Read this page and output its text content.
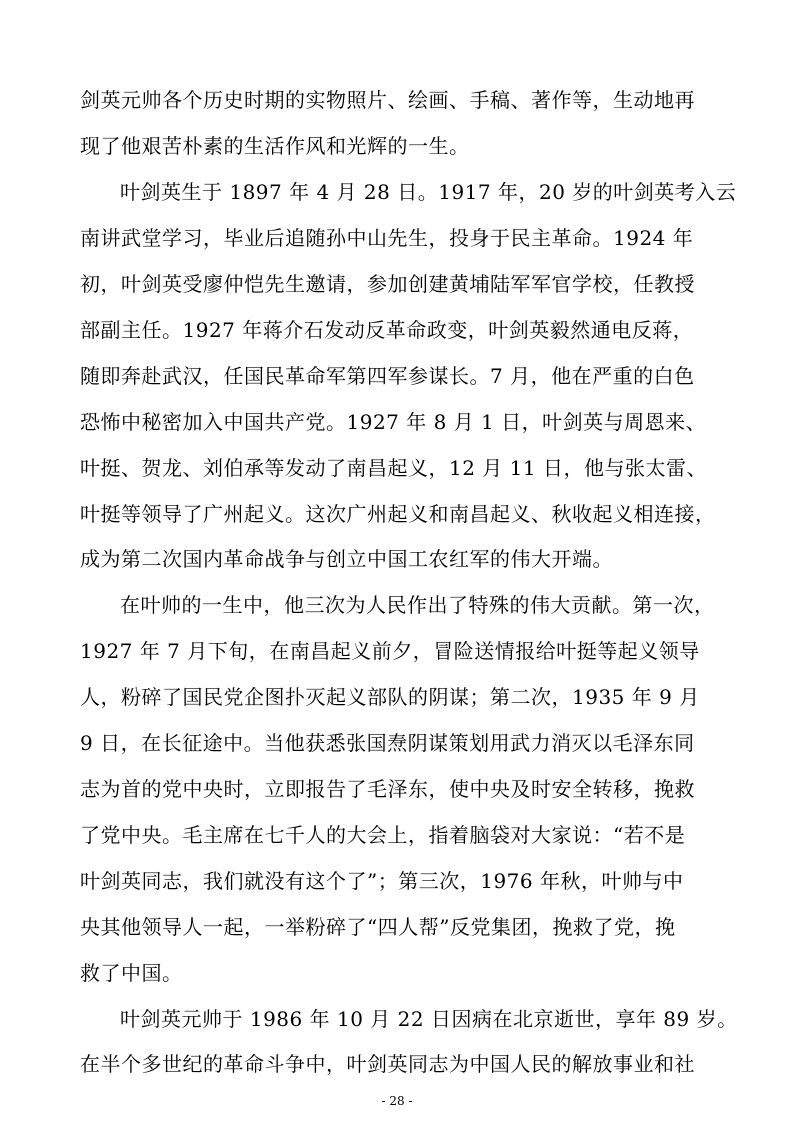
剑英元帅各个历史时期的实物照片、绘画、手稿、著作等，生动地再
现了他艰苦朴素的生活作风和光辉的一生。
叶剑英生于 1897 年 4 月 28 日。1917 年，20 岁的叶剑英考入云
南讲武堂学习，毕业后追随孙中山先生，投身于民主革命。1924 年
初，叶剑英受廖仲恺先生邀请，参加创建黄埔陆军军官学校，任教授
部副主任。1927 年蒋介石发动反革命政变，叶剑英毅然通电反蒋，
随即奔赴武汉，任国民革命军第四军参谋长。7 月，他在严重的白色
恐怖中秘密加入中国共产党。1927 年 8 月 1 日，叶剑英与周恩来、
叶挺、贺龙、刘伯承等发动了南昌起义，12 月 11 日，他与张太雷、
叶挺等领导了广州起义。这次广州起义和南昌起义、秋收起义相连接，
成为第二次国内革命战争与创立中国工农红军的伟大开端。
在叶帅的一生中，他三次为人民作出了特殊的伟大贡献。第一次，
1927 年 7 月下旬，在南昌起义前夕，冒险送情报给叶挺等起义领导
人，粉碎了国民党企图扑灭起义部队的阴谋；第二次，1935 年 9 月
9 日，在长征途中。当他获悉张国焘阴谋策划用武力消灭以毛泽东同
志为首的党中央时，立即报告了毛泽东，使中央及时安全转移，挽救
了党中央。毛主席在七千人的大会上，指着脑袋对大家说：“若不是
叶剑英同志，我们就没有这个了”；第三次，1976 年秋，叶帅与中
央其他领导人一起，一举粉碎了“四人帮”反党集团，挽救了党，挽
救了中国。
叶剑英元帅于 1986 年 10 月 22 日因病在北京逝世，享年 89 岁。
在半个多世纪的革命斗争中，叶剑英同志为中国人民的解放事业和社
- 28 -
